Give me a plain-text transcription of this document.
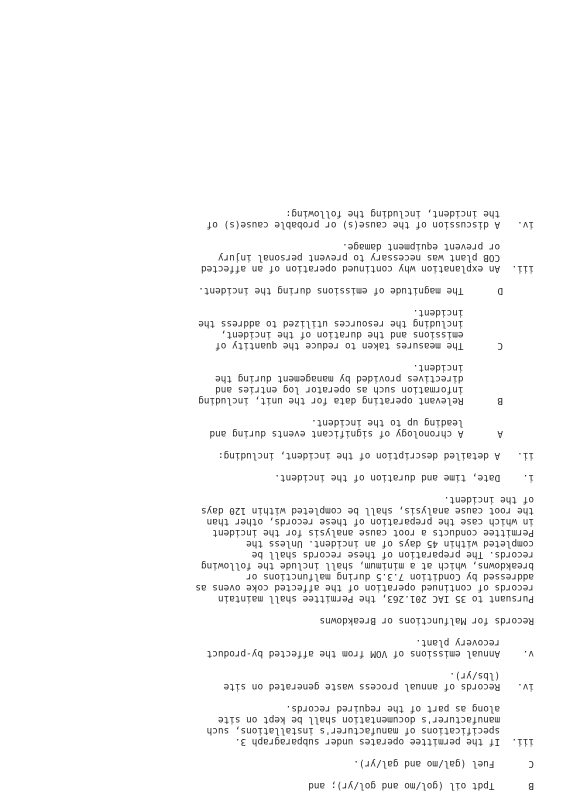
B      Tpdt oil (gol/mo and gol/yr); and
C      Fuel (gal/mo and gal/yr).
iii.  If the permittee operates under subparagraph 3.
specifications of manufacturer's installations, such
manufacturer's documentation shall be kept on site
along as part of the required records.
iv.   Records of annual process waste generated on site
(lbs/yr).
v.    Annual emissions of VOM from the affected by-product
recovery plant.
Records for Malfunctions or Breakdowns
Pursuant to 35 IAC 201.263, the Permittee shall maintain
records of continued operation of the affected coke ovens as
addressed by Condition 7.3.5 during malfunctions or
breakdowns, which at a minimum, shall include the following
records. The preparation of these records shall be
completed within 45 days of an incident. Unless the
Permittee conducts a root cause analysis for the incident
in which case the preparation of these records, other than
the root cause analysis, shall be completed within 120 days
of the incident.
i.    Date, time and duration of the incident.
ii.   A detailed description of the incident, including:
A      A chronology of significant events during and
leading up to the incident.
B      Relevant operating data for the unit, including
information such as operator log entries and
directives provided by management during the
incident.
C      The measures taken to reduce the quantity of
emissions and the duration of the incident,
including the resources utilized to address the
incident.
D      The magnitude of emissions during the incident.
iii.  An explanation why continued operation of an affected
COB plant was necessary to prevent personal injury
or prevent equipment damage.
iv.   A discussion of the cause(s) or probable cause(s) of
the incident, including the following:
